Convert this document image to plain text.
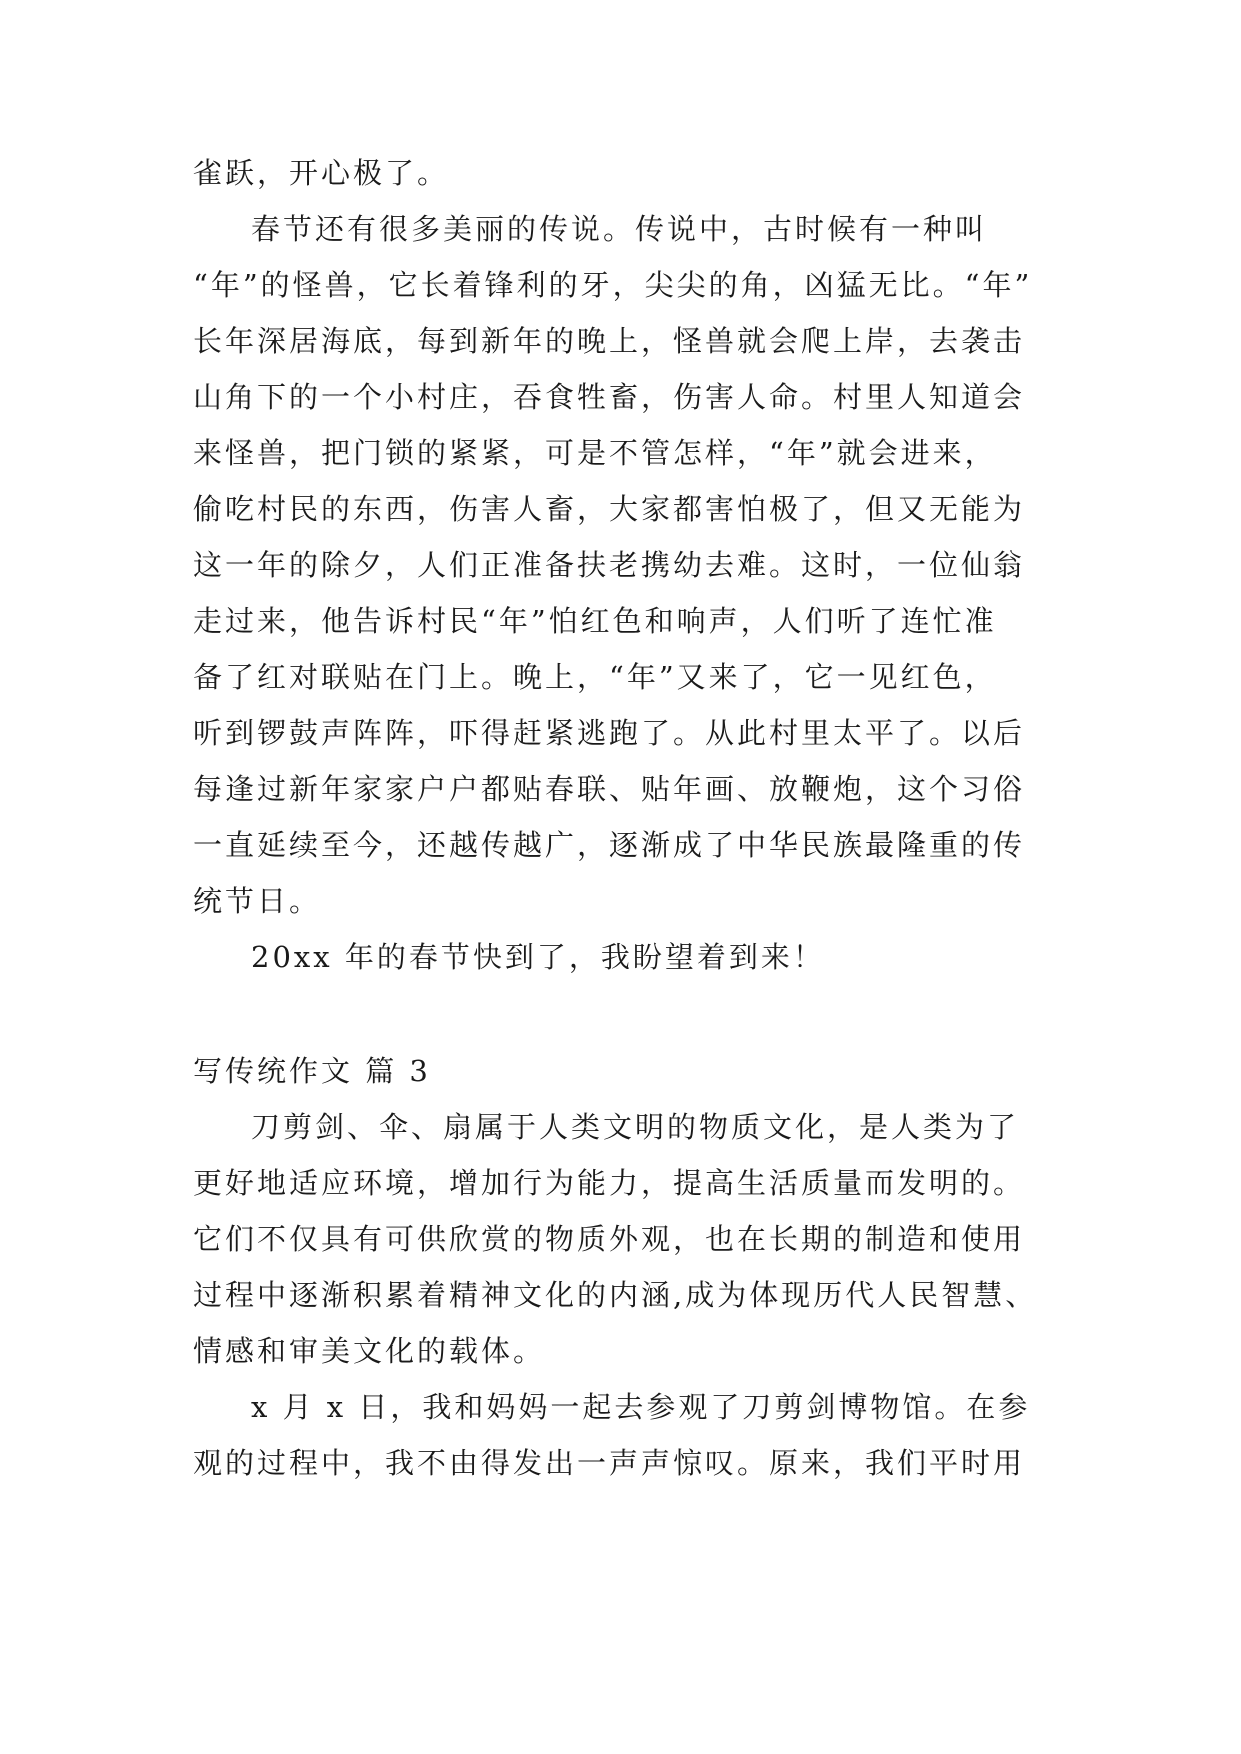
雀跃，开心极了。
春节还有很多美丽的传说。传说中，古时候有一种叫
“年”的怪兽，它长着锋利的牙，尖尖的角，凶猛无比。“年”
长年深居海底，每到新年的晚上，怪兽就会爬上岸，去袭击
山角下的一个小村庄，吞食牲畜，伤害人命。村里人知道会
来怪兽，把门锁的紧紧，可是不管怎样，“年”就会进来，
偷吃村民的东西，伤害人畜，大家都害怕极了，但又无能为
这一年的除夕，人们正准备扶老携幼去难。这时，一位仙翁
走过来，他告诉村民“年”怕红色和响声，人们听了连忙准
备了红对联贴在门上。晚上，“年”又来了，它一见红色，
听到锣鼓声阵阵，吓得赶紧逃跑了。从此村里太平了。以后
每逢过新年家家户户都贴春联、贴年画、放鞭炮，这个习俗
一直延续至今，还越传越广，逐渐成了中华民族最隆重的传
统节日。
20xx 年的春节快到了，我盼望着到来！
写传统作文 篇 3
刀剪剑、伞、扇属于人类文明的物质文化，是人类为了
更好地适应环境，增加行为能力，提高生活质量而发明的。
它们不仅具有可供欣赏的物质外观，也在长期的制造和使用
过程中逐渐积累着精神文化的内涵,成为体现历代人民智慧、
情感和审美文化的载体。
x 月 x 日，我和妈妈一起去参观了刀剪剑博物馆。在参
观的过程中，我不由得发出一声声惊叹。原来，我们平时用
